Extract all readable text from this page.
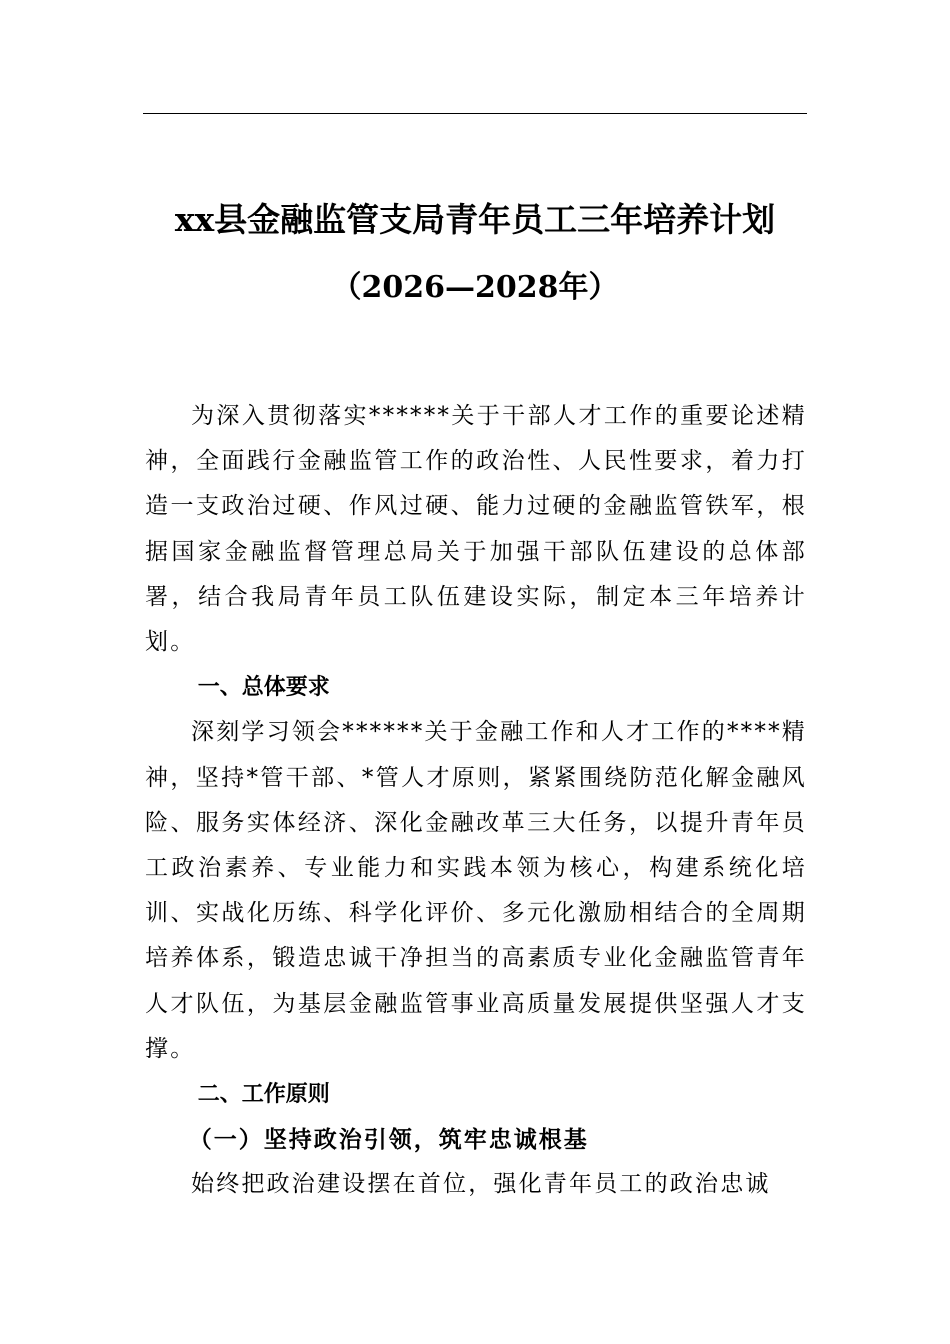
xx县金融监管支局青年员工三年培养计划
（2026—2028年）

为深入贯彻落实******关于干部人才工作的重要论述精神，全面践行金融监管工作的政治性、人民性要求，着力打造一支政治过硬、作风过硬、能力过硬的金融监管铁军，根据国家金融监督管理总局关于加强干部队伍建设的总体部署，结合我局青年员工队伍建设实际，制定本三年培养计划。

一、总体要求

深刻学习领会******关于金融工作和人才工作的****精神，坚持*管干部、*管人才原则，紧紧围绕防范化解金融风险、服务实体经济、深化金融改革三大任务，以提升青年员工政治素养、专业能力和实践本领为核心，构建系统化培训、实战化历练、科学化评价、多元化激励相结合的全周期培养体系，锻造忠诚干净担当的高素质专业化金融监管青年人才队伍，为基层金融监管事业高质量发展提供坚强人才支撑。

二、工作原则

（一）坚持政治引领，筑牢忠诚根基

始终把政治建设摆在首位，强化青年员工的政治忠诚
